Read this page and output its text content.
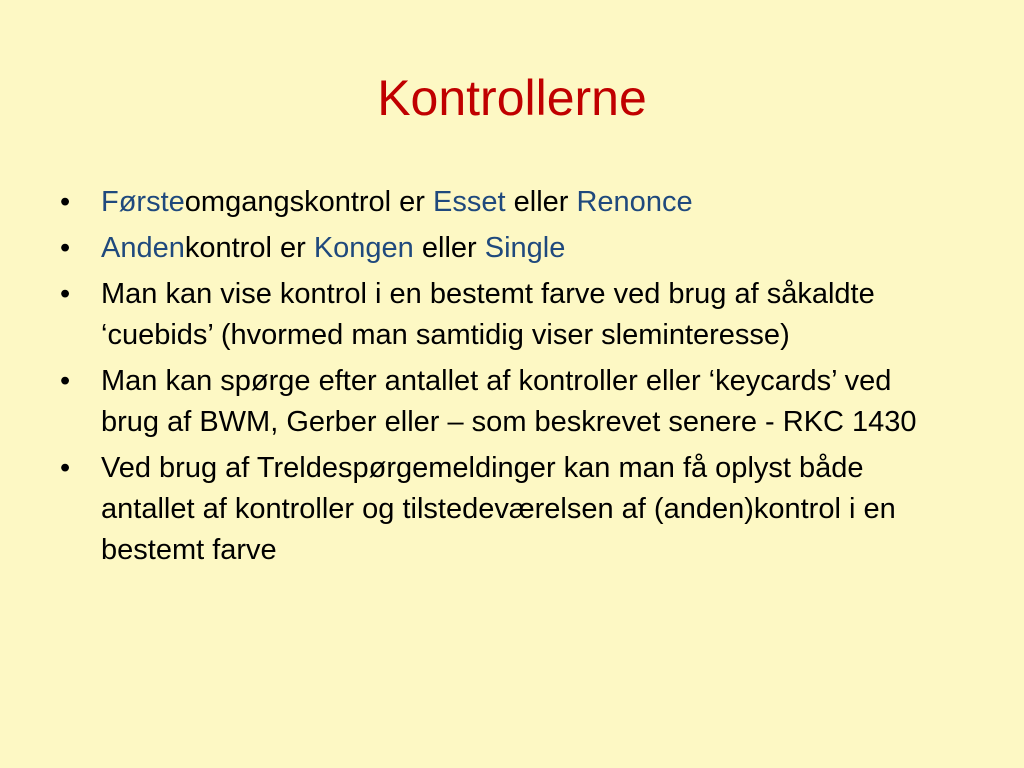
Kontrollerne
• Førsteomgangskontrol er Esset eller Renonce
• Andenkontrol er Kongen eller Single
• Man kan vise kontrol i en bestemt farve ved brug af såkaldte ‘cuebids’ (hvormed man samtidig viser sleminteresse)
• Man kan spørge efter antallet af kontroller eller ‘keycards’ ved brug af BWM, Gerber eller – som beskrevet senere - RKC 1430
• Ved brug af Treldespørgemeldinger kan man få oplyst både antallet af kontroller og tilstedeværelsen af (anden)kontrol i en bestemt farve
